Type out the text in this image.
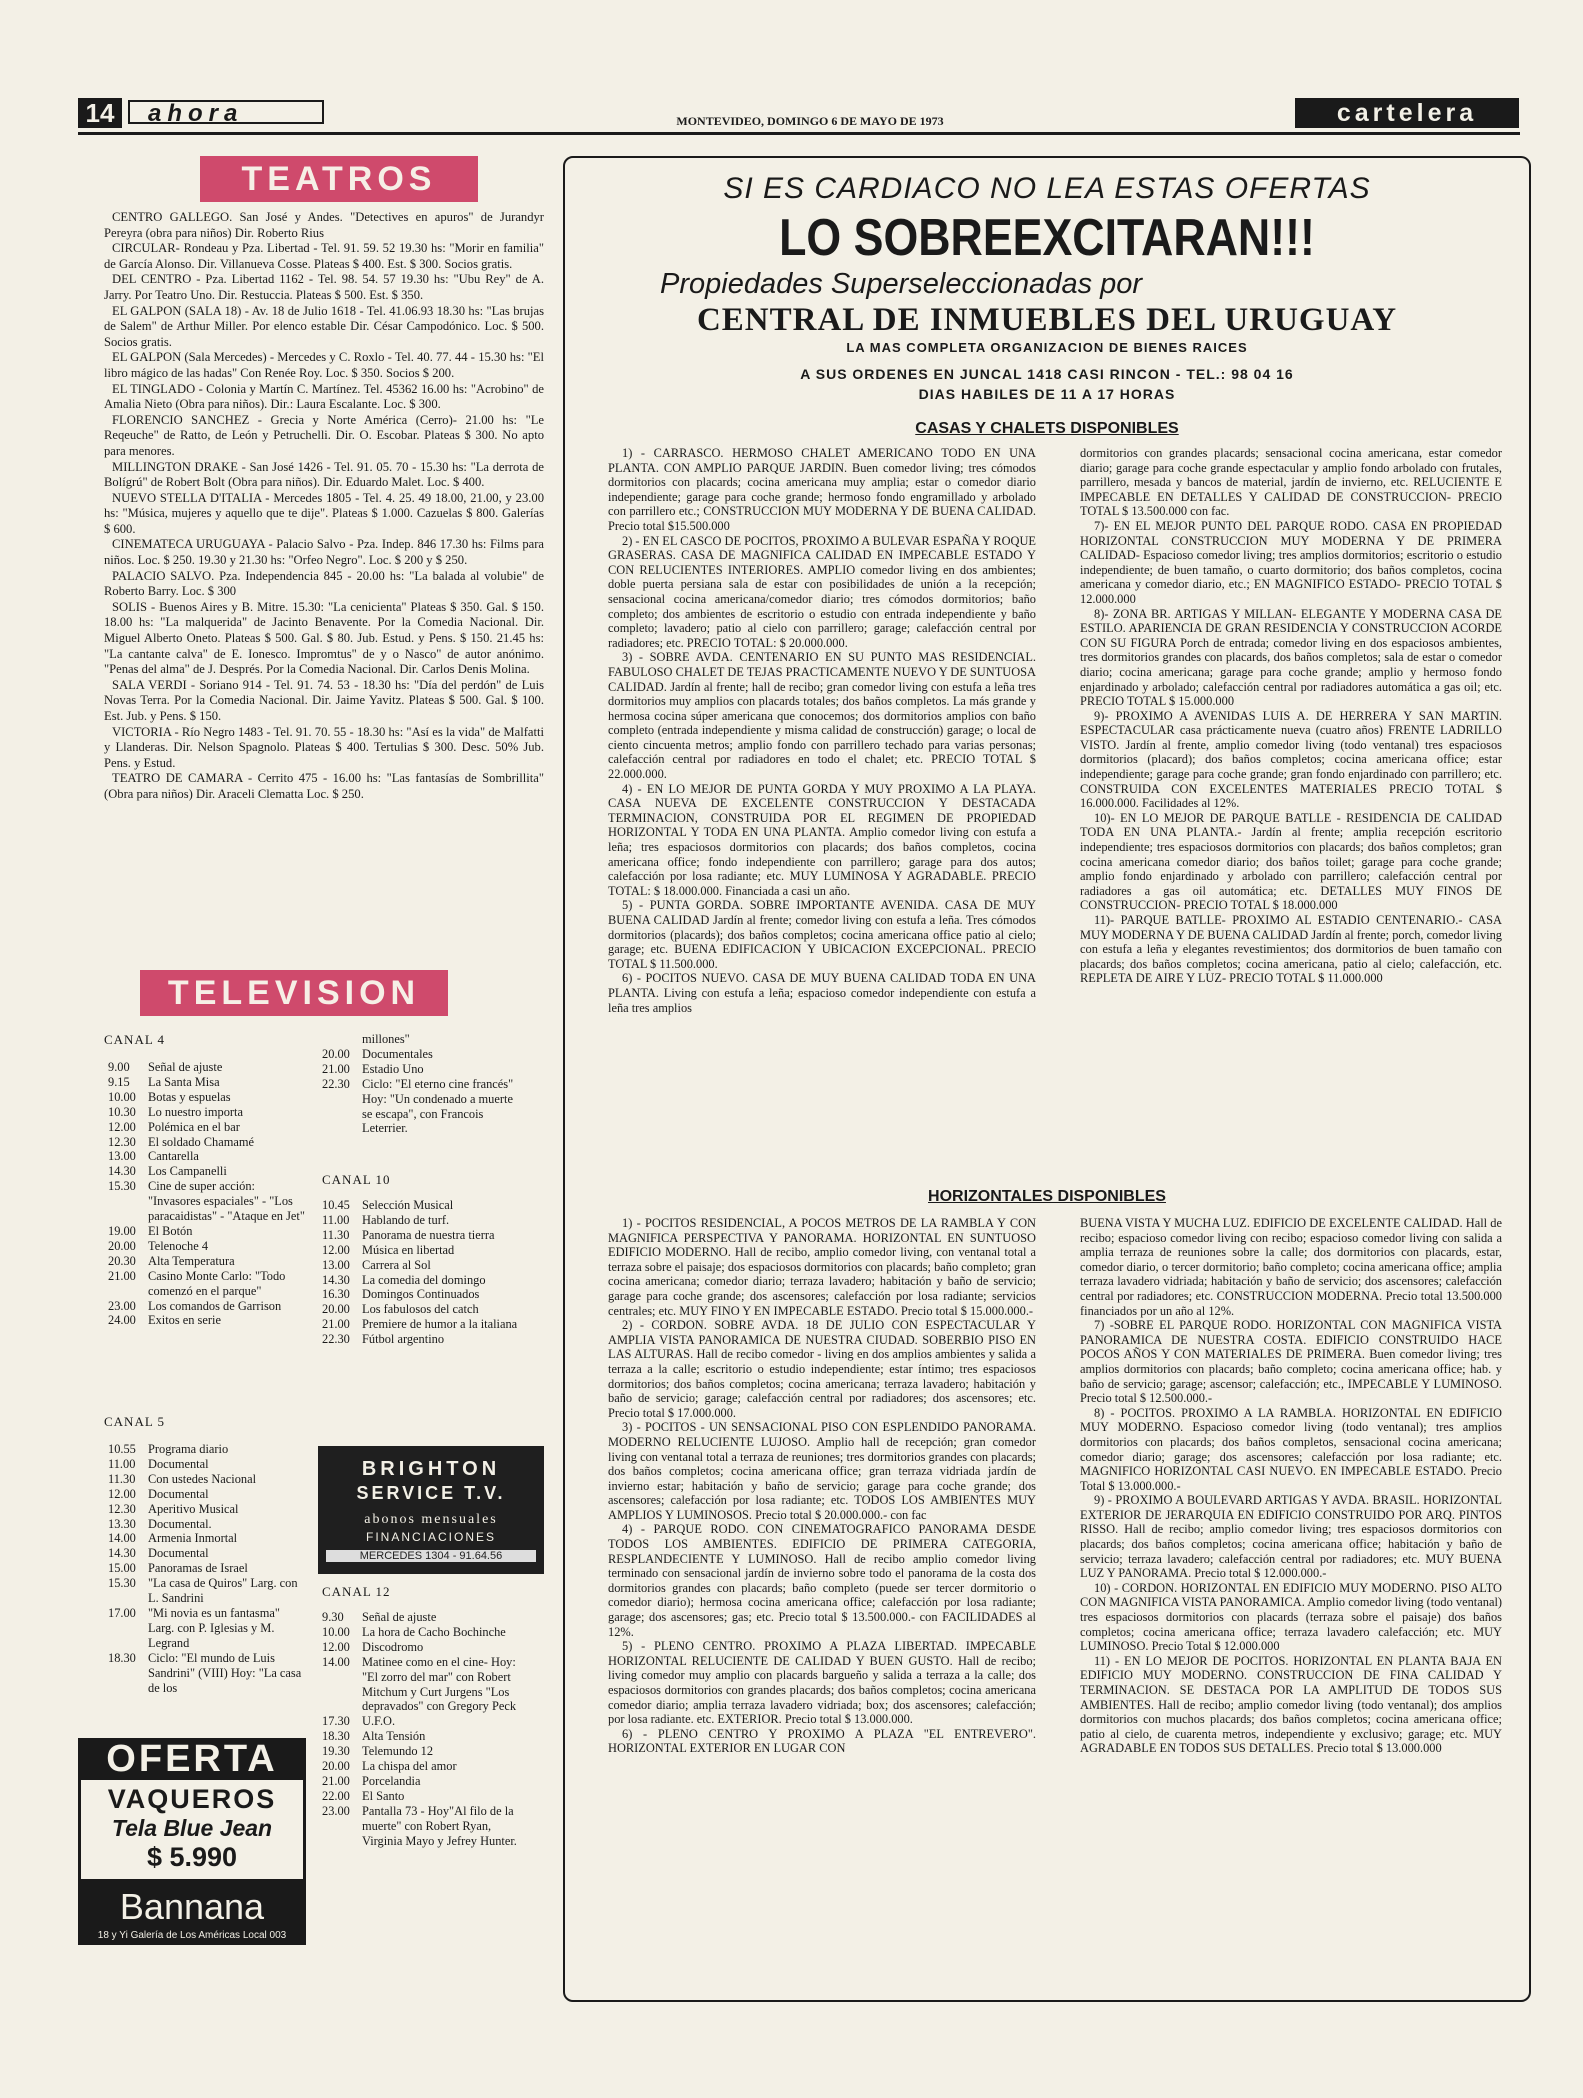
14	ahora	MONTEVIDEO, DOMINGO 6 DE MAYO DE 1973	cartelera
TEATROS

CENTRO GALLEGO. San José y Andes. "Detectives en apuros" de Jurandyr Pereyra (obra para niños) Dir. Roberto Rius

CIRCULAR- Rondeau y Pza. Libertad - Tel. 91. 59. 52 19.30 hs: "Morir en familia" de García Alonso. Dir. Villanueva Cosse. Plateas $ 400. Est. $ 300. Socios gratis.

DEL CENTRO - Pza. Libertad 1162 - Tel. 98. 54. 57 19.30 hs: "Ubu Rey" de A. Jarry. Por Teatro Uno. Dir. Restuccia. Plateas $ 500. Est. $ 350.

EL GALPON (SALA 18) - Av. 18 de Julio 1618 - Tel. 41.06.93 18.30 hs: "Las brujas de Salem" de Arthur Miller. Por elenco estable Dir. César Campodónico. Loc. $ 500. Socios gratis.

EL GALPON (Sala Mercedes) - Mercedes y C. Roxlo - Tel. 40. 77. 44 - 15.30 hs: "El libro mágico de las hadas" Con Renée Roy. Loc. $ 350. Socios $ 200.

EL TINGLADO - Colonia y Martín C. Martínez. Tel. 45362 16.00 hs: "Acrobino" de Amalia Nieto (Obra para niños). Dir.: Laura Escalante. Loc. $ 300.

FLORENCIO SANCHEZ - Grecia y Norte América (Cerro)- 21.00 hs: "Le Reqeuche" de Ratto, de León y Petruchelli. Dir. O. Escobar. Plateas $ 300. No apto para menores.

MILLINGTON DRAKE - San José 1426 - Tel. 91. 05. 70 - 15.30 hs: "La derrota de Bolígrú" de Robert Bolt (Obra para niños). Dir. Eduardo Malet. Loc. $ 400.

NUEVO STELLA D'ITALIA - Mercedes 1805 - Tel. 4. 25. 49 18.00, 21.00, y 23.00 hs: "Música, mujeres y aquello que te dije". Plateas $ 1.000. Cazuelas $ 800. Galerías $ 600.

CINEMATECA URUGUAYA - Palacio Salvo - Pza. Indep. 846 17.30 hs: Films para niños. Loc. $ 250. 19.30 y 21.30 hs: "Orfeo Negro". Loc. $ 200 y $ 250.

PALACIO SALVO. Pza. Independencia 845 - 20.00 hs: "La balada al volubie" de Roberto Barry. Loc. $ 300

SOLIS - Buenos Aires y B. Mitre. 15.30: "La cenicienta" Plateas $ 350. Gal. $ 150. 18.00 hs: "La malquerida" de Jacinto Benavente. Por la Comedia Nacional. Dir. Miguel Alberto Oneto. Plateas $ 500. Gal. $ 80. Jub. Estud. y Pens. $ 150. 21.45 hs: "La cantante calva" de E. Ionesco. Impromtus" de y o Nasco" de autor anónimo. "Penas del alma" de J. Després. Por la Comedia Nacional. Dir. Carlos Denis Molina.

SALA VERDI - Soriano 914 - Tel. 91. 74. 53 - 18.30 hs: "Día del perdón" de Luis Novas Terra. Por la Comedia Nacional. Dir. Jaime Yavitz. Plateas $ 500. Gal. $ 100. Est. Jub. y Pens. $ 150.

VICTORIA - Río Negro 1483 - Tel. 91. 70. 55 - 18.30 hs: "Así es la vida" de Malfatti y Llanderas. Dir. Nelson Spagnolo. Plateas $ 400. Tertulias $ 300. Desc. 50% Jub. Pens. y Estud.

TEATRO DE CAMARA - Cerrito 475 - 16.00 hs: "Las fantasías de Sombrillita" (Obra para niños) Dir. Araceli Clematta Loc. $ 250.

TELEVISION
CANAL 4
9.00	Señal de ajuste
9.15	La Santa Misa
10.00 Botas y espuelas
10.30 Lo nuestro importa
12.00 Polémica en el bar
12.30 El soldado Chamamé
13.00 Cantarella
14.30 Los Campanelli
15.30 Cine de super acción: "Invasores espaciales" - "Los paracaidistas" - "Ataque en Jet"
19.00 El Botón
20.00 Telenoche 4
20.30 Alta Temperatura
21.00 Casino Monte Carlo: "Todo comenzó en el parque"
23.00 Los comandos de Garrison
24.00 Exitos en serie
millones"
20.00 Documentales
21.00 Estadio Uno
22.30 Ciclo: "El eterno cine francés" Hoy: "Un condenado a muerte se escapa", con Francois Leterrier.
CANAL 10
10.45 Selección Musical
11.00	Hablando de turf.
11.30	Panorama de nuestra tierra
12.00 Música en libertad
13.00 Carrera al Sol
14.30 La comedia del domingo
16.30 Domingos Continuados
20.00 Los fabulosos del catch
21.00 Premiere de humor a la italiana
22.30 Fútbol argentino
CANAL 5
10.55 Programa diario
11.00	Documental
11.30	Con ustedes Nacional
12.00 Documental
12.30 Aperitivo Musical
13.30 Documental.
14.00 Armenia Inmortal
14.30 Documental
15.00 Panoramas de Israel
15.30 "La casa de Quiros" Larg. con L. Sandrini
17.00 "Mi novia es un fantasma" Larg. con P. Iglesias y M. Legrand
18.30 Ciclo: "El mundo de Luis Sandrini" (VIII) Hoy: "La casa de los
CANAL 12
9.30	Señal de ajuste
10.00 La hora de Cacho Bochinche
12.00 Discodromo
14.00 Matinee como en el cine- Hoy: "El zorro del mar" con Robert Mitchum y Curt Jurgens "Los depravados" con Gregory Peck
17.30 U.F.O.
18.30 Alta Tensión
19.30 Telemundo 12
20.00 La chispa del amor
21.00 Porcelandia
22.00 El Santo
23.00 Pantalla 73 - Hoy"Al filo de la muerte" con Robert Ryan, Virginia Mayo y Jefrey Hunter.
BRIGHTON
SERVICE T.V.
abonos mensuales
FINANCIACIONES
MERCEDES 1304 - 91.64.56
OFERTA
VAQUEROS
Tela Blue Jean
$ 5.990
Bannana
18 y Yi Galería de Los Américas Local 003
SI ES CARDIACO NO LEA ESTAS OFERTAS
LO SOBREEXCITARAN!!!
Propiedades Superseleccionadas por
CENTRAL DE INMUEBLES DEL URUGUAY
LA MAS COMPLETA ORGANIZACION DE BIENES RAICES
A SUS ORDENES EN JUNCAL 1418 CASI RINCON - TEL.: 98 04 16
DIAS HABILES DE 11 A 17 HORAS
CASAS Y CHALETS DISPONIBLES

1) - CARRASCO. HERMOSO CHALET AMERICANO TODO EN UNA PLANTA. CON AMPLIO PARQUE JARDIN. Buen comedor living; tres cómodos dormitorios con placards; cocina americana muy amplia; estar o comedor diario independiente; garage para coche grande; hermoso fondo engramillado y arbolado con parrillero etc.; CONSTRUCCION MUY MODERNA Y DE BUENA CALIDAD. Precio total $15.500.000

2) - EN EL CASCO DE POCITOS, PROXIMO A BULEVAR ESPAÑA Y ROQUE GRASERAS. CASA DE MAGNIFICA CALIDAD EN IMPECABLE ESTADO Y CON RELUCIENTES INTERIORES. AMPLIO comedor living en dos ambientes; doble puerta persiana sala de estar con posibilidades de unión a la recepción; sensacional cocina americana/comedor diario; tres cómodos dormitorios; baño completo; dos ambientes de escritorio o estudio con entrada independiente y baño completo; lavadero; patio al cielo con parrillero; garage; calefacción central por radiadores; etc. PRECIO TOTAL: $ 20.000.000.

3) - SOBRE AVDA. CENTENARIO EN SU PUNTO MAS RESIDENCIAL. FABULOSO CHALET DE TEJAS PRACTICAMENTE NUEVO Y DE SUNTUOSA CALIDAD. Jardín al frente; hall de recibo; gran comedor living con estufa a leña tres dormitorios muy amplios con placards totales; dos baños completos. La más grande y hermosa cocina súper americana que conocemos; dos dormitorios amplios con baño completo (entrada independiente y misma calidad de construcción) garage; o local de ciento cincuenta metros; amplio fondo con parrillero techado para varias personas; calefacción central por radiadores en todo el chalet; etc. PRECIO TOTAL $ 22.000.000.

4) - EN LO MEJOR DE PUNTA GORDA Y MUY PROXIMO A LA PLAYA. CASA NUEVA DE EXCELENTE CONSTRUCCION Y DESTACADA TERMINACION, CONSTRUIDA POR EL REGIMEN DE PROPIEDAD HORIZONTAL Y TODA EN UNA PLANTA. Amplio comedor living con estufa a leña; tres espaciosos dormitorios con placards; dos baños completos, cocina americana office; fondo independiente con parrillero; garage para dos autos; calefacción por losa radiante; etc. MUY LUMINOSA Y AGRADABLE. PRECIO TOTAL: $ 18.000.000. Financiada a casi un año.

5) - PUNTA GORDA. SOBRE IMPORTANTE AVENIDA. CASA DE MUY BUENA CALIDAD Jardín al frente; comedor living con estufa a leña. Tres cómodos dormitorios (placards); dos baños completos; cocina americana office patio al cielo; garage; etc. BUENA EDIFICACION Y UBICACION EXCEPCIONAL. PRECIO TOTAL $ 11.500.000.

6) - POCITOS NUEVO. CASA DE MUY BUENA CALIDAD TODA EN UNA PLANTA. Living con estufa a leña; espacioso comedor independiente con estufa a leña tres amplios

dormitorios con grandes placards; sensacional cocina americana, estar comedor diario; garage para coche grande espectacular y amplio fondo arbolado con frutales, parrillero, mesada y bancos de material, jardín de invierno, etc. RELUCIENTE E IMPECABLE EN DETALLES Y CALIDAD DE CONSTRUCCION- PRECIO TOTAL $ 13.500.000 con fac.

7)- EN EL MEJOR PUNTO DEL PARQUE RODO. CASA EN PROPIEDAD HORIZONTAL CONSTRUCCION MUY MODERNA Y DE PRIMERA CALIDAD- Espacioso comedor living; tres amplios dormitorios; escritorio o estudio independiente; de buen tamaño, o cuarto dormitorio; dos baños completos, cocina americana y comedor diario, etc.; EN MAGNIFICO ESTADO- PRECIO TOTAL $ 12.000.000

8)- ZONA BR. ARTIGAS Y MILLAN- ELEGANTE Y MODERNA CASA DE ESTILO. APARIENCIA DE GRAN RESIDENCIA Y CONSTRUCCION ACORDE CON SU FIGURA Porch de entrada; comedor living en dos espaciosos ambientes, tres dormitorios grandes con placards, dos baños completos; sala de estar o comedor diario; cocina americana; garage para coche grande; amplio y hermoso fondo enjardinado y arbolado; calefacción central por radiadores automática a gas oil; etc. PRECIO TOTAL $ 15.000.000

9)- PROXIMO A AVENIDAS LUIS A. DE HERRERA Y SAN MARTIN. ESPECTACULAR casa prácticamente nueva (cuatro años) FRENTE LADRILLO VISTO. Jardín al frente, amplio comedor living (todo ventanal) tres espaciosos dormitorios (placard); dos baños completos; cocina americana office; estar independiente; garage para coche grande; gran fondo enjardinado con parrillero; etc. CONSTRUIDA CON EXCELENTES MATERIALES PRECIO TOTAL $ 16.000.000. Facilidades al 12%.

10)- EN LO MEJOR DE PARQUE BATLLE - RESIDENCIA DE CALIDAD TODA EN UNA PLANTA.- Jardín al frente; amplia recepción escritorio independiente; tres espaciosos dormitorios con placards; dos baños completos; gran cocina americana comedor diario; dos baños toilet; garage para coche grande; amplio fondo enjardinado y arbolado con parrillero; calefacción central por radiadores a gas oil automática; etc. DETALLES MUY FINOS DE CONSTRUCCION- PRECIO TOTAL $ 18.000.000

11)- PARQUE BATLLE- PROXIMO AL ESTADIO CENTENARIO.- CASA MUY MODERNA Y DE BUENA CALIDAD Jardín al frente; porch, comedor living con estufa a leña y elegantes revestimientos; dos dormitorios de buen tamaño con placards; dos baños completos; cocina americana, patio al cielo; calefacción, etc. REPLETA DE AIRE Y LUZ- PRECIO TOTAL $ 11.000.000

HORIZONTALES DISPONIBLES

1) - POCITOS RESIDENCIAL, A POCOS METROS DE LA RAMBLA Y CON MAGNIFICA PERSPECTIVA Y PANORAMA. HORIZONTAL EN SUNTUOSO EDIFICIO MODERNO. Hall de recibo, amplio comedor living, con ventanal total a terraza sobre el paisaje; dos espaciosos dormitorios con placards; baño completo; gran cocina americana; comedor diario; terraza lavadero; habitación y baño de servicio; garage para coche grande; dos ascensores; calefacción por losa radiante; servicios centrales; etc. MUY FINO Y EN IMPECABLE ESTADO. Precio total $ 15.000.000.-

2) - CORDON. SOBRE AVDA. 18 DE JULIO CON ESPECTACULAR Y AMPLIA VISTA PANORAMICA DE NUESTRA CIUDAD. SOBERBIO PISO EN LAS ALTURAS. Hall de recibo comedor - living en dos amplios ambientes y salida a terraza a la calle; escritorio o estudio independiente; estar íntimo; tres espaciosos dormitorios; dos baños completos; cocina americana; terraza lavadero; habitación y baño de servicio; garage; calefacción central por radiadores; dos ascensores; etc. Precio total $ 17.000.000.

3) - POCITOS - UN SENSACIONAL PISO CON ESPLENDIDO PANORAMA. MODERNO RELUCIENTE LUJOSO. Amplio hall de recepción; gran comedor living con ventanal total a terraza de reuniones; tres dormitorios grandes con placards; dos baños completos; cocina americana office; gran terraza vidriada jardín de invierno estar; habitación y baño de servicio; garage para coche grande; dos ascensores; calefacción por losa radiante; etc. TODOS LOS AMBIENTES MUY AMPLIOS Y LUMINOSOS. Precio total $ 20.000.000.- con fac

4) - PARQUE RODO. CON CINEMATOGRAFICO PANORAMA DESDE TODOS LOS AMBIENTES. EDIFICIO DE PRIMERA CATEGORIA, RESPLANDECIENTE Y LUMINOSO. Hall de recibo amplio comedor living terminado con sensacional jardín de invierno sobre todo el panorama de la costa dos dormitorios grandes con placards; baño completo (puede ser tercer dormitorio o comedor diario); hermosa cocina americana office; calefacción por losa radiante; garage; dos ascensores; gas; etc. Precio total $ 13.500.000.- con FACILIDADES al 12%.

5) - PLENO CENTRO. PROXIMO A PLAZA LIBERTAD. IMPECABLE HORIZONTAL RELUCIENTE DE CALIDAD Y BUEN GUSTO. Hall de recibo; living comedor muy amplio con placards bargueño y salida a terraza a la calle; dos espaciosos dormitorios con grandes placards; dos baños completos; cocina americana comedor diario; amplia terraza lavadero vidriada; box; dos ascensores; calefacción; por losa radiante. etc. EXTERIOR. Precio total $ 13.000.000.

6) - PLENO CENTRO Y PROXIMO A PLAZA "EL ENTREVERO". HORIZONTAL EXTERIOR EN LUGAR CON

BUENA VISTA Y MUCHA LUZ. EDIFICIO DE EXCELENTE CALIDAD. Hall de recibo; espacioso comedor living con recibo; espacioso comedor living con salida a amplia terraza de reuniones sobre la calle; dos dormitorios con placards, estar, comedor diario, o tercer dormitorio; baño completo; cocina americana office; amplia terraza lavadero vidriada; habitación y baño de servicio; dos ascensores; calefacción central por radiadores; etc. CONSTRUCCION MODERNA. Precio total 13.500.000 financiados por un año al 12%.

7) -SOBRE EL PARQUE RODO. HORIZONTAL CON MAGNIFICA VISTA PANORAMICA DE NUESTRA COSTA. EDIFICIO CONSTRUIDO HACE POCOS AÑOS Y CON MATERIALES DE PRIMERA. Buen comedor living; tres amplios dormitorios con placards; baño completo; cocina americana office; hab. y baño de servicio; garage; ascensor; calefacción; etc., IMPECABLE Y LUMINOSO. Precio total $ 12.500.000.-

8) - POCITOS. PROXIMO A LA RAMBLA. HORIZONTAL EN EDIFICIO MUY MODERNO. Espacioso comedor living (todo ventanal); tres amplios dormitorios con placards; dos baños completos, sensacional cocina americana; comedor diario; garage; dos ascensores; calefacción por losa radiante; etc. MAGNIFICO HORIZONTAL CASI NUEVO. EN IMPECABLE ESTADO. Precio Total $ 13.000.000.-

9) - PROXIMO A BOULEVARD ARTIGAS Y AVDA. BRASIL. HORIZONTAL EXTERIOR DE JERARQUIA EN EDIFICIO CONSTRUIDO POR ARQ. PINTOS RISSO. Hall de recibo; amplio comedor living; tres espaciosos dormitorios con placards; dos baños completos; cocina americana office; habitación y baño de servicio; terraza lavadero; calefacción central por radiadores; etc. MUY BUENA LUZ Y PANORAMA. Precio total $ 12.000.000.-

10) - CORDON. HORIZONTAL EN EDIFICIO MUY MODERNO. PISO ALTO CON MAGNIFICA VISTA PANORAMICA. Amplio comedor living (todo ventanal) tres espaciosos dormitorios con placards (terraza sobre el paisaje) dos baños completos; cocina americana office; terraza lavadero calefacción; etc. MUY LUMINOSO. Precio Total $ 12.000.000

11) - EN LO MEJOR DE POCITOS. HORIZONTAL EN PLANTA BAJA EN EDIFICIO MUY MODERNO. CONSTRUCCION DE FINA CALIDAD Y TERMINACION. SE DESTACA POR LA AMPLITUD DE TODOS SUS AMBIENTES. Hall de recibo; amplio comedor living (todo ventanal); dos amplios dormitorios con muchos placards; dos baños completos; cocina americana office; patio al cielo, de cuarenta metros, independiente y exclusivo; garage; etc. MUY AGRADABLE EN TODOS SUS DETALLES. Precio total $ 13.000.000
